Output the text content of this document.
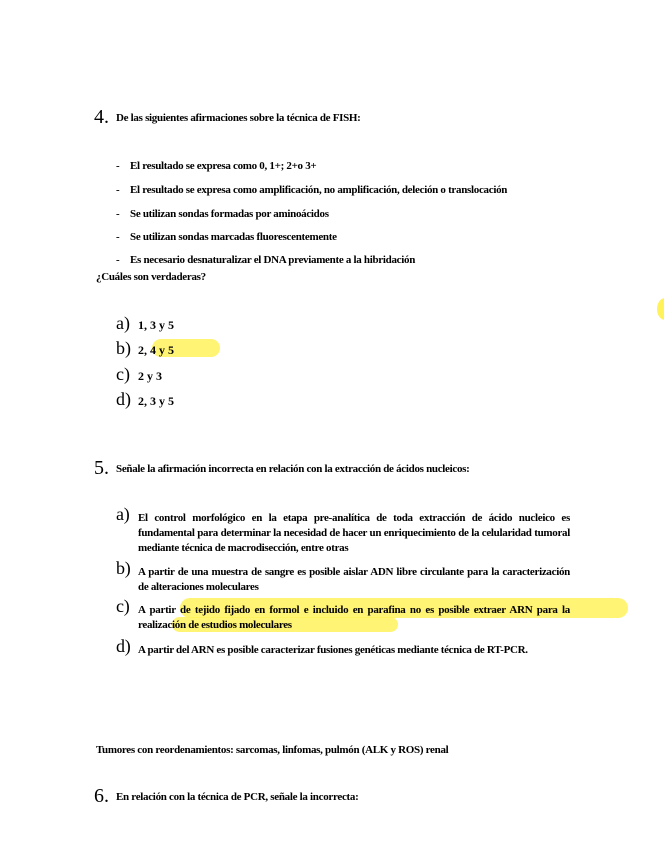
4. De las siguientes afirmaciones sobre la técnica de FISH:
- El resultado se expresa como 0, 1+; 2+o 3+
- El resultado se expresa como amplificación, no amplificación, deleción o translocación
- Se utilizan sondas formadas por aminoácidos
- Se utilizan sondas marcadas fluorescentemente
- Es necesario desnaturalizar el DNA previamente a la hibridación
¿Cuáles son verdaderas?
a) 1, 3 y 5
b) 2, 4 y 5
c) 2 y 3
d) 2, 3 y 5
5. Señale la afirmación incorrecta en relación con la extracción de ácidos nucleicos:
a) El control morfológico en la etapa pre-analítica de toda extracción de ácido nucleico es fundamental para determinar la necesidad de hacer un enriquecimiento de la celularidad tumoral mediante técnica de macrodisección, entre otras
b) A partir de una muestra de sangre es posible aislar ADN libre circulante para la caracterización de alteraciones moleculares
c) A partir de tejido fijado en formol e incluido en parafina no es posible extraer ARN para la realización de estudios moleculares
d) A partir del ARN es posible caracterizar fusiones genéticas mediante técnica de RT-PCR.
Tumores con reordenamientos: sarcomas, linfomas, pulmón (ALK y ROS) renal
6. En relación con la técnica de PCR, señale la incorrecta:
